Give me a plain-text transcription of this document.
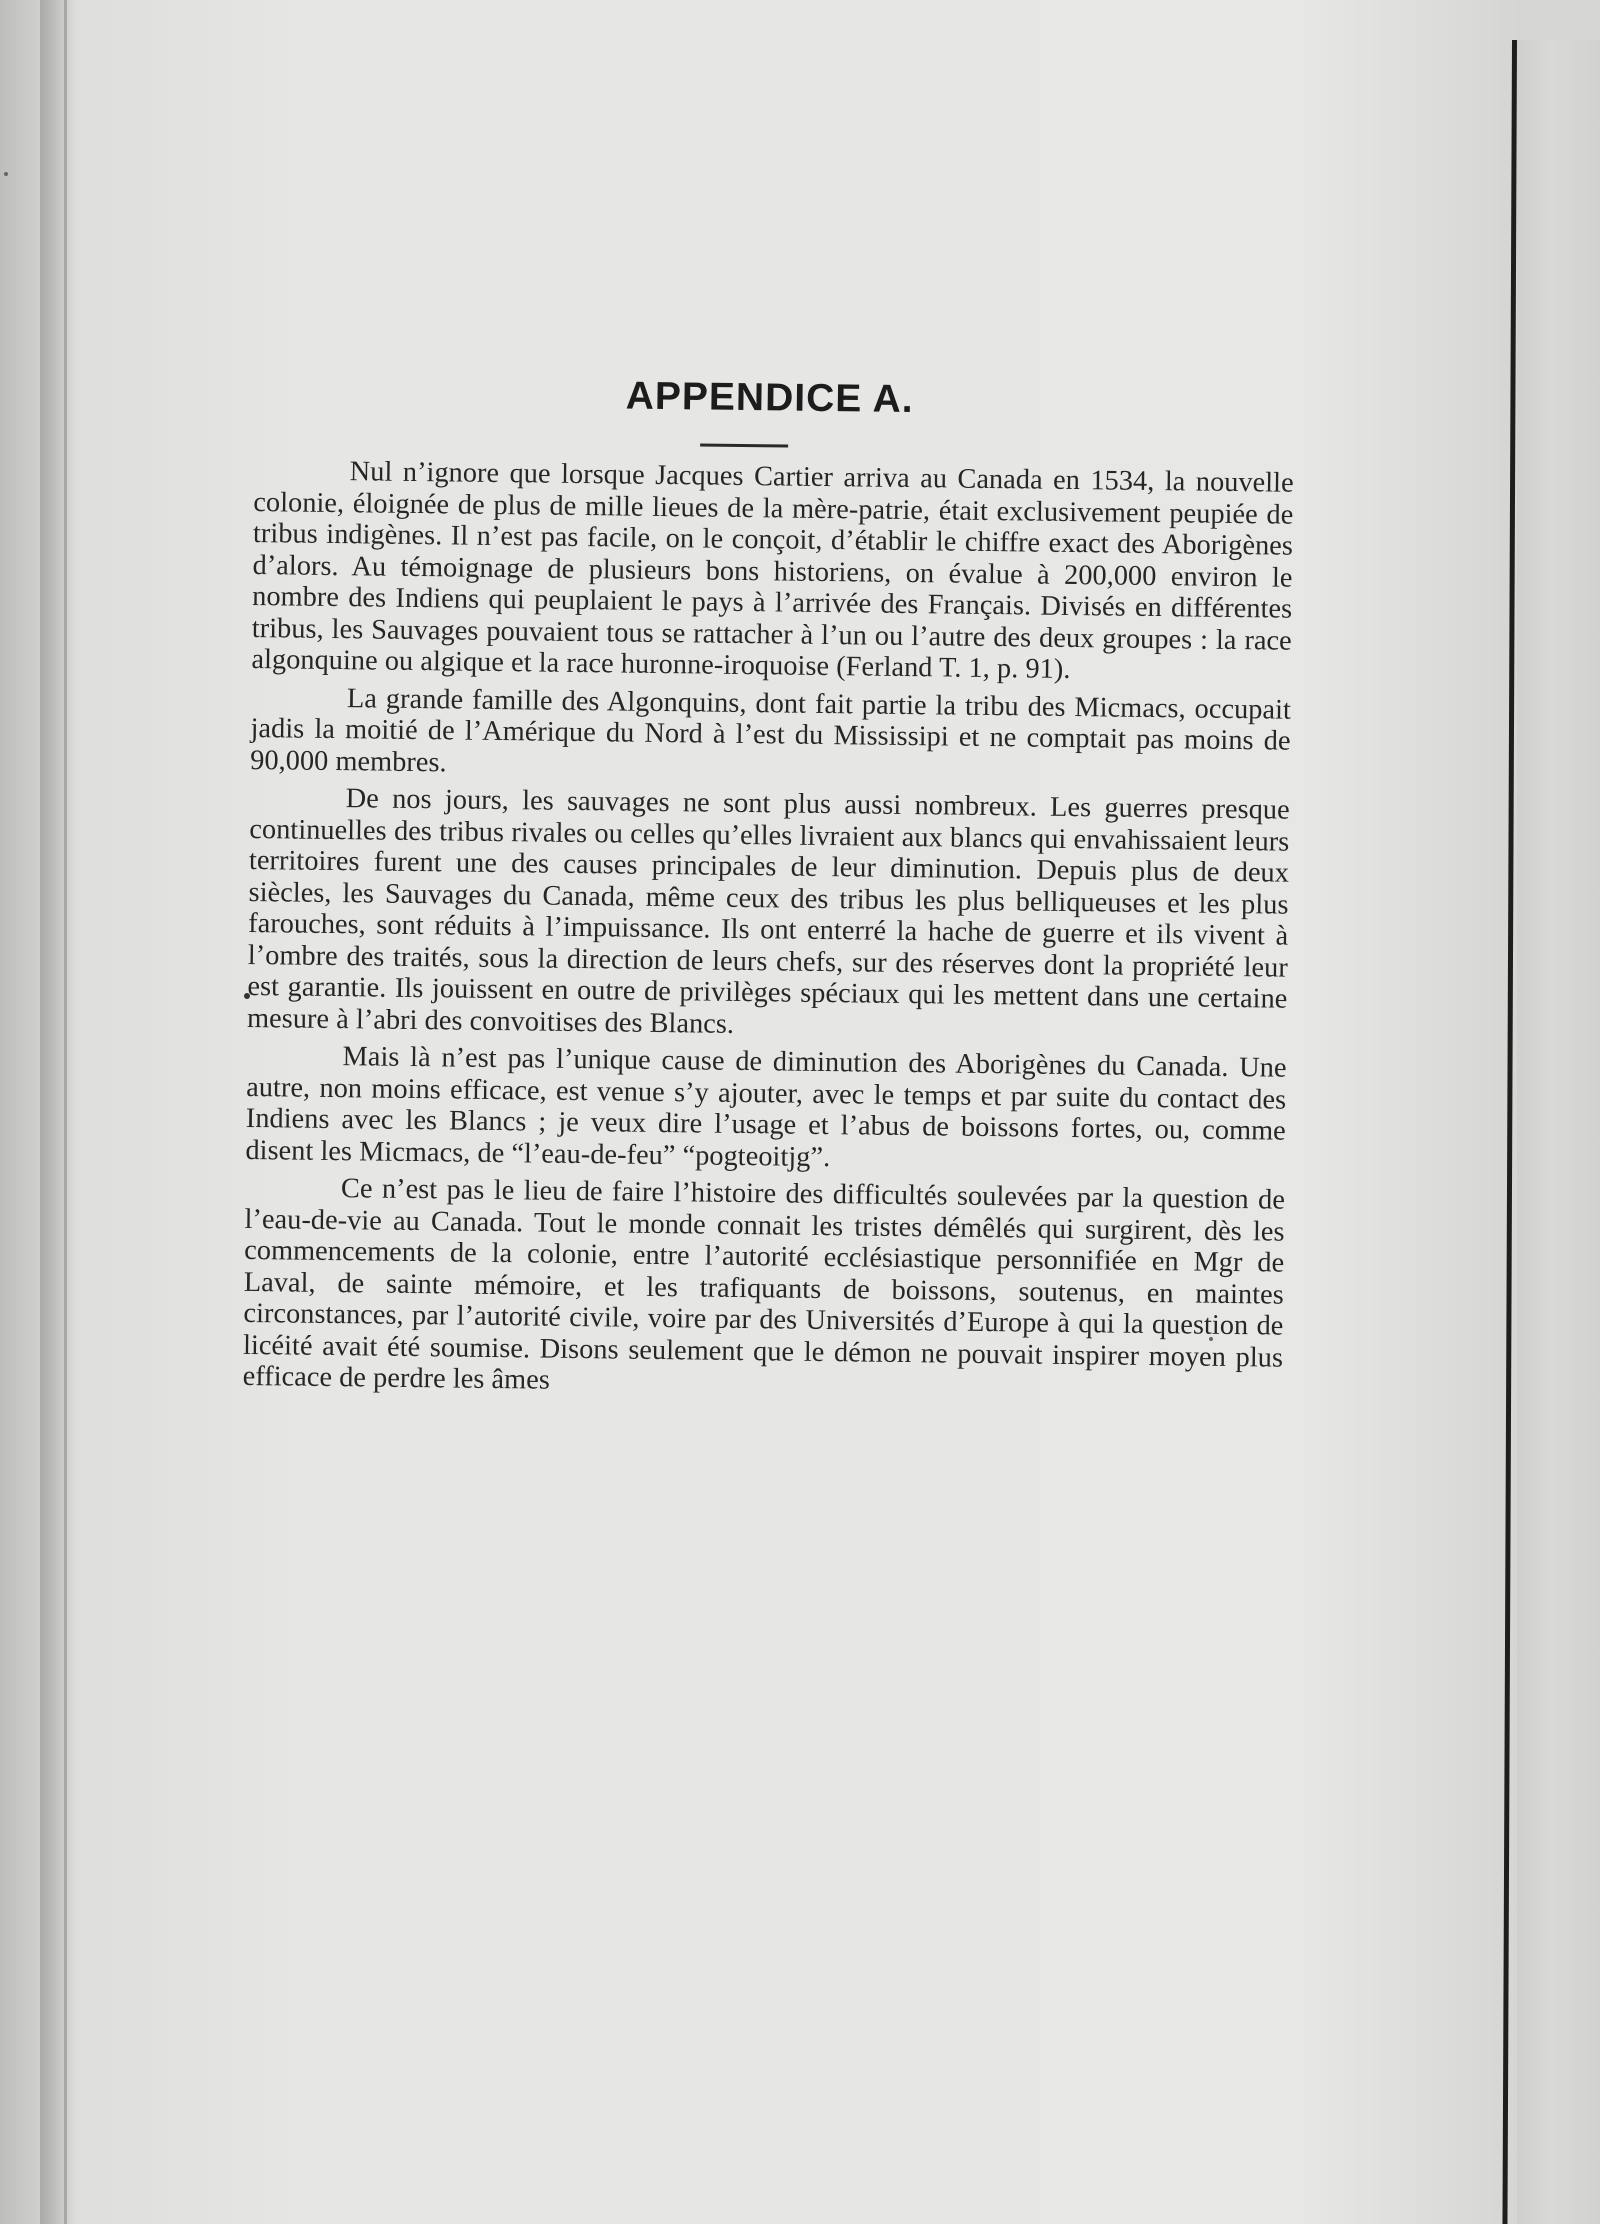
APPENDICE A.

Nul n’ignore que lorsque Jacques Cartier arriva au Canada en 1534, la nouvelle colonie, éloignée de plus de mille lieues de la mère-patrie, était exclusivement peupiée de tribus indigènes. Il n’est pas facile, on le conçoit, d’établir le chiffre exact des Aborigènes d’alors. Au témoignage de plusieurs bons historiens, on évalue à 200,000 environ le nombre des Indiens qui peuplaient le pays à l’arrivée des Français. Divisés en différentes tribus, les Sauvages pouvaient tous se rattacher à l’un ou l’autre des deux groupes : la race algonquine ou algique et la race huronne-iroquoise (Ferland T. 1, p. 91).

La grande famille des Algonquins, dont fait partie la tribu des Micmacs, occupait jadis la moitié de l’Amérique du Nord à l’est du Mississipi et ne comptait pas moins de 90,000 membres.

De nos jours, les sauvages ne sont plus aussi nombreux. Les guerres presque continuelles des tribus rivales ou celles qu’elles livraient aux blancs qui envahissaient leurs territoires furent une des causes principales de leur diminution. Depuis plus de deux siècles, les Sauvages du Canada, même ceux des tribus les plus belliqueuses et les plus farouches, sont réduits à l’impuissance. Ils ont enterré la hache de guerre et ils vivent à l’ombre des traités, sous la direction de leurs chefs, sur des réserves dont la propriété leur est garantie. Ils jouissent en outre de privilèges spéciaux qui les mettent dans une certaine mesure à l’abri des convoitises des Blancs.

Mais là n’est pas l’unique cause de diminution des Aborigènes du Canada. Une autre, non moins efficace, est venue s’y ajouter, avec le temps et par suite du contact des Indiens avec les Blancs ; je veux dire l’usage et l’abus de boissons fortes, ou, comme disent les Micmacs, de “l’eau-de-feu” “pogteoitjg”.

Ce n’est pas le lieu de faire l’histoire des difficultés soulevées par la question de l’eau-de-vie au Canada. Tout le monde connait les tristes démêlés qui surgirent, dès les commencements de la colonie, entre l’autorité ecclésiastique personnifiée en Mgr de Laval, de sainte mémoire, et les trafiquants de boissons, soutenus, en maintes circonstances, par l’autorité civile, voire par des Universités d’Europe à qui la question de licéité avait été soumise. Disons seulement que le démon ne pouvait inspirer moyen plus efficace de perdre les âmes
